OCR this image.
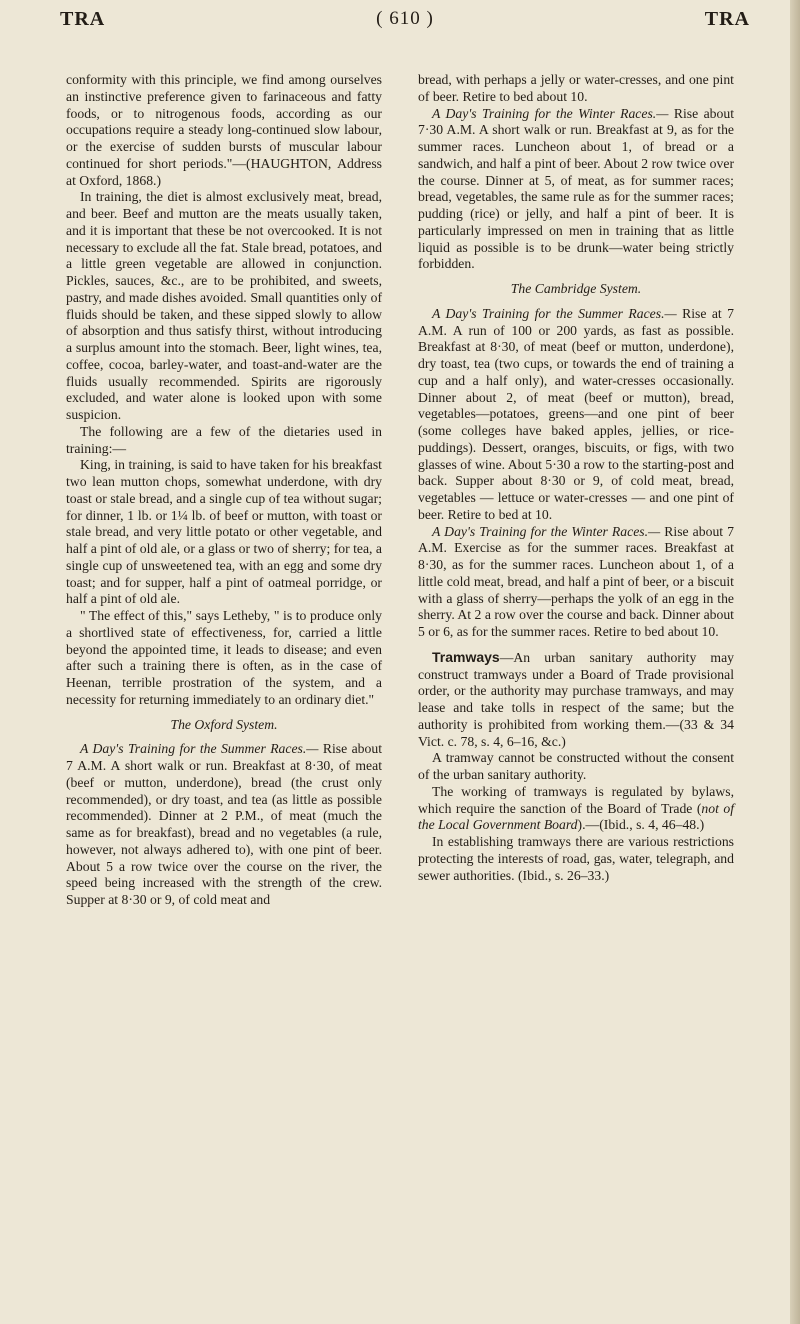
TRA	( 610 )	TRA

conformity with this principle, we find among ourselves an instinctive preference given to farinaceous and fatty foods, or to nitrogenous foods, according as our occupations require a steady long-continued slow labour, or the exercise of sudden bursts of muscular labour continued for short periods."—(HAUGHTON, Address at Oxford, 1868.)

In training, the diet is almost exclusively meat, bread, and beer. Beef and mutton are the meats usually taken, and it is important that these be not overcooked. It is not necessary to exclude all the fat. Stale bread, potatoes, and a little green vegetable are allowed in conjunction. Pickles, sauces, &c., are to be prohibited, and sweets, pastry, and made dishes avoided. Small quantities only of fluids should be taken, and these sipped slowly to allow of absorption and thus satisfy thirst, without introducing a surplus amount into the stomach. Beer, light wines, tea, coffee, cocoa, barley-water, and toast-and-water are the fluids usually recommended. Spirits are rigorously excluded, and water alone is looked upon with some suspicion.

The following are a few of the dietaries used in training:—

King, in training, is said to have taken for his breakfast two lean mutton chops, somewhat underdone, with dry toast or stale bread, and a single cup of tea without sugar; for dinner, 1 lb. or 1¼ lb. of beef or mutton, with toast or stale bread, and very little potato or other vegetable, and half a pint of old ale, or a glass or two of sherry; for tea, a single cup of unsweetened tea, with an egg and some dry toast; and for supper, half a pint of oatmeal porridge, or half a pint of old ale.

" The effect of this," says Letheby, " is to produce only a shortlived state of effectiveness, for, carried a little beyond the appointed time, it leads to disease; and even after such a training there is often, as in the case of Heenan, terrible prostration of the system, and a necessity for returning immediately to an ordinary diet."

The Oxford System.

A Day's Training for the Summer Races.— Rise about 7 A.M. A short walk or run. Breakfast at 8·30, of meat (beef or mutton, underdone), bread (the crust only recommended), or dry toast, and tea (as little as possible recommended). Dinner at 2 P.M., of meat (much the same as for breakfast), bread and no vegetables (a rule, however, not always adhered to), with one pint of beer. About 5 a row twice over the course on the river, the speed being increased with the strength of the crew. Supper at 8·30 or 9, of cold meat and

bread, with perhaps a jelly or water-cresses, and one pint of beer. Retire to bed about 10.

A Day's Training for the Winter Races.— Rise about 7·30 A.M. A short walk or run. Breakfast at 9, as for the summer races. Luncheon about 1, of bread or a sandwich, and half a pint of beer. About 2 row twice over the course. Dinner at 5, of meat, as for summer races; bread, vegetables, the same rule as for the summer races; pudding (rice) or jelly, and half a pint of beer. It is particularly impressed on men in training that as little liquid as possible is to be drunk—water being strictly forbidden.

The Cambridge System.

A Day's Training for the Summer Races.— Rise at 7 A.M. A run of 100 or 200 yards, as fast as possible. Breakfast at 8·30, of meat (beef or mutton, underdone), dry toast, tea (two cups, or towards the end of training a cup and a half only), and water-cresses occasionally. Dinner about 2, of meat (beef or mutton), bread, vegetables—potatoes, greens—and one pint of beer (some colleges have baked apples, jellies, or rice-puddings). Dessert, oranges, biscuits, or figs, with two glasses of wine. About 5·30 a row to the starting-post and back. Supper about 8·30 or 9, of cold meat, bread, vegetables — lettuce or water-cresses — and one pint of beer. Retire to bed at 10.

A Day's Training for the Winter Races.— Rise about 7 A.M. Exercise as for the summer races. Breakfast at 8·30, as for the summer races. Luncheon about 1, of a little cold meat, bread, and half a pint of beer, or a biscuit with a glass of sherry—perhaps the yolk of an egg in the sherry. At 2 a row over the course and back. Dinner about 5 or 6, as for the summer races. Retire to bed about 10.

Tramways—An urban sanitary authority may construct tramways under a Board of Trade provisional order, or the authority may purchase tramways, and may lease and take tolls in respect of the same; but the authority is prohibited from working them.—(33 & 34 Vict. c. 78, s. 4, 6–16, &c.)

A tramway cannot be constructed without the consent of the urban sanitary authority.

The working of tramways is regulated by bylaws, which require the sanction of the Board of Trade (not of the Local Government Board).—(Ibid., s. 4, 46–48.)

In establishing tramways there are various restrictions protecting the interests of road, gas, water, telegraph, and sewer authorities. (Ibid., s. 26–33.)
